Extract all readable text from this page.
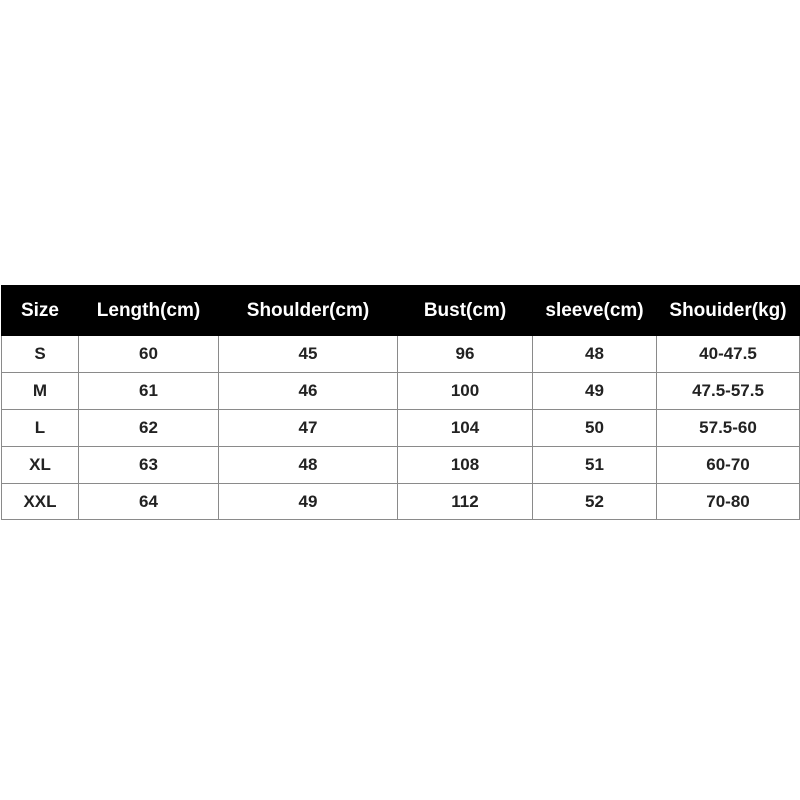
Size	Length(cm)	Shoulder(cm)	Bust(cm)	sleeve(cm)	Shouider(kg)
S	60	45	96	48	40-47.5
M	61	46	100	49	47.5-57.5
L	62	47	104	50	57.5-60
XL	63	48	108	51	60-70
XXL	64	49	112	52	70-80
